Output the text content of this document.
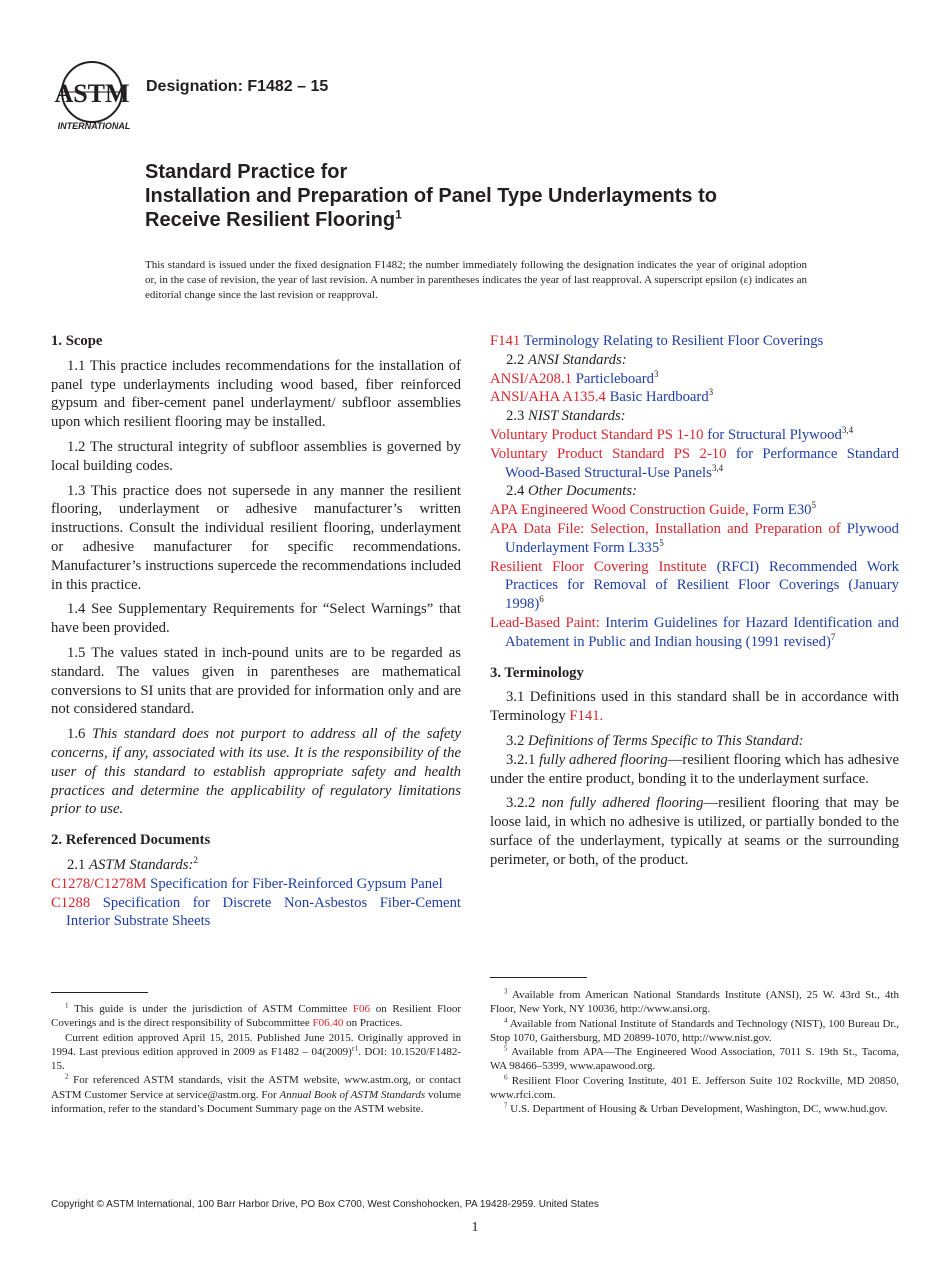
ASTM
INTERNATIONAL
Designation: F1482 – 15
Standard Practice for
Installation and Preparation of Panel Type Underlayments to
Receive Resilient Flooring$^1$
This standard is issued under the fixed designation F1482; the number immediately following the designation indicates the year of original adoption or, in the case of revision, the year of last revision. A number in parentheses indicates the year of last reapproval. A superscript epsilon (ε) indicates an editorial change since the last revision or reapproval.

1. Scope

1.1 This practice includes recommendations for the installation of panel type underlayments including wood based, fiber reinforced gypsum and fiber-cement panel underlayment/ subfloor assemblies upon which resilient flooring may be installed.

1.2 The structural integrity of subfloor assemblies is governed by local building codes.

1.3 This practice does not supersede in any manner the resilient flooring, underlayment or adhesive manufacturer’s written instructions. Consult the individual resilient flooring, underlayment or adhesive manufacturer for specific recommendations. Manufacturer’s instructions supercede the recommendations included in this practice.

1.4 See Supplementary Requirements for “Select Warnings” that have been provided.

1.5 The values stated in inch-pound units are to be regarded as standard. The values given in parentheses are mathematical conversions to SI units that are provided for information only and are not considered standard.

1.6 This standard does not purport to address all of the safety concerns, if any, associated with its use. It is the responsibility of the user of this standard to establish appropriate safety and health practices and determine the applicability of regulatory limitations prior to use.

2. Referenced Documents

2.1 ASTM Standards:$^2$

C1278/C1278M Specification for Fiber-Reinforced Gypsum Panel

C1288 Specification for Discrete Non-Asbestos Fiber-Cement Interior Substrate Sheets

F141 Terminology Relating to Resilient Floor Coverings

2.2 ANSI Standards:

ANSI/A208.1 Particleboard$^3$

ANSI/AHA A135.4 Basic Hardboard$^3$

2.3 NIST Standards:

Voluntary Product Standard PS 1-10 for Structural Plywood$^{3,4}$

Voluntary Product Standard PS 2-10 for Performance Standard Wood-Based Structural-Use Panels$^{3,4}$

2.4 Other Documents:

APA Engineered Wood Construction Guide, Form $E30^5$

APA Data File: Selection, Installation and Preparation of Plywood Underlayment Form $L335^5$

Resilient Floor Covering Institute (RFCI) Recommended Work Practices for Removal of Resilient Floor Coverings (January 1998)$^6$

Lead-Based Paint: Interim Guidelines for Hazard Identification and Abatement in Public and Indian housing (1991 revised)$^7$

3. Terminology

3.1 Definitions used in this standard shall be in accordance with Terminology F141.

3.2 Definitions of Terms Specific to This Standard:

3.2.1 fully adhered flooring—resilient flooring which has adhesive under the entire product, bonding it to the underlayment surface.

3.2.2 non fully adhered flooring—resilient flooring that may be loose laid, in which no adhesive is utilized, or partially bonded to the surface of the underlayment, typically at seams or the surrounding perimeter, or both, of the product.

$^1$ This guide is under the jurisdiction of ASTM Committee F06 on Resilient Floor Coverings and is the direct responsibility of Subcommittee F06.40 on Practices.

Current edition approved April 15, 2015. Published June 2015. Originally approved in 1994. Last previous edition approved in 2009 as $F1482 - 04(2009)^{\varepsilon 1}$. DOI: 10.1520/F1482-15.

$^2$ For referenced ASTM standards, visit the ASTM website, www.astm.org, or contact ASTM Customer Service at service@astm.org. For Annual Book of ASTM Standards volume information, refer to the standard’s Document Summary page on the ASTM website.

$^3$ Available from American National Standards Institute (ANSI), 25 W. 43rd St., 4th Floor, New York, NY 10036, http://www.ansi.org.

$^4$ Available from National Institute of Standards and Technology (NIST), 100 Bureau Dr., Stop 1070, Gaithersburg, MD 20899-1070, http://www.nist.gov.

$^5$ Available from APA—The Engineered Wood Association, 7011 S. 19th St., Tacoma, WA 98466–5399, www.apawood.org.

$^6$ Resilient Floor Covering Institute, 401 E. Jefferson Suite 102 Rockville, MD 20850, www.rfci.com.

$^7$ U.S. Department of Housing & Urban Development, Washington, DC, www.hud.gov.

Copyright © ASTM International, 100 Barr Harbor Drive, PO Box C700, West Conshohocken, PA 19428-2959. United States
1
